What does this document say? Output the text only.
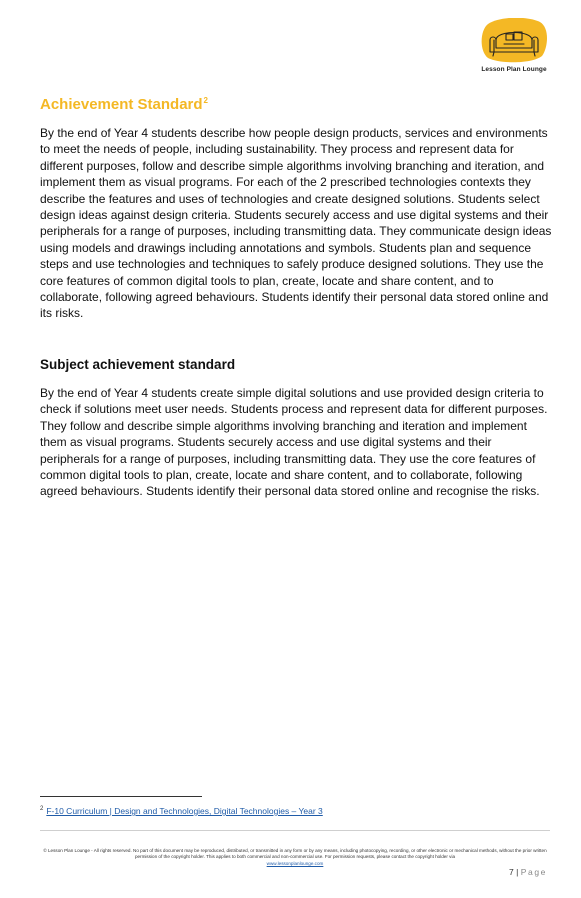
Lesson Plan Lounge
Achievement Standard$^2$

By the end of Year 4 students describe how people design products, services and environments to meet the needs of people, including sustainability. They process and represent data for different purposes, follow and describe simple algorithms involving branching and iteration, and implement them as visual programs. For each of the 2 prescribed technologies contexts they describe the features and uses of technologies and create designed solutions. Students select design ideas against design criteria. Students securely access and use digital systems and their peripherals for a range of purposes, including transmitting data. They communicate design ideas using models and drawings including annotations and symbols. Students plan and sequence steps and use technologies and techniques to safely produce designed solutions. They use the core features of common digital tools to plan, create, locate and share content, and to collaborate, following agreed behaviours. Students identify their personal data stored online and its risks.

Subject achievement standard

By the end of Year 4 students create simple digital solutions and use provided design criteria to check if solutions meet user needs. Students process and represent data for different purposes. They follow and describe simple algorithms involving branching and iteration and implement them as visual programs. Students securely access and use digital systems and their peripherals for a range of purposes, including transmitting data. They use the core features of common digital tools to plan, create, locate and share content, and to collaborate, following agreed behaviours. Students identify their personal data stored online and recognise the risks.

$^2$ F-10 Curriculum | Design and Technologies, Digital Technologies – Year 3
© Lesson Plan Lounge - All rights reserved. No part of this document may be reproduced, distributed, or transmitted in any form or by any means, including photocopying, recording, or other electronic or mechanical methods, without the prior written permission of the copyright holder. This applies to both commercial and non-commercial use. For permission requests, please contact the copyright holder via
www.lessonplanlounge.com
7 | Page
